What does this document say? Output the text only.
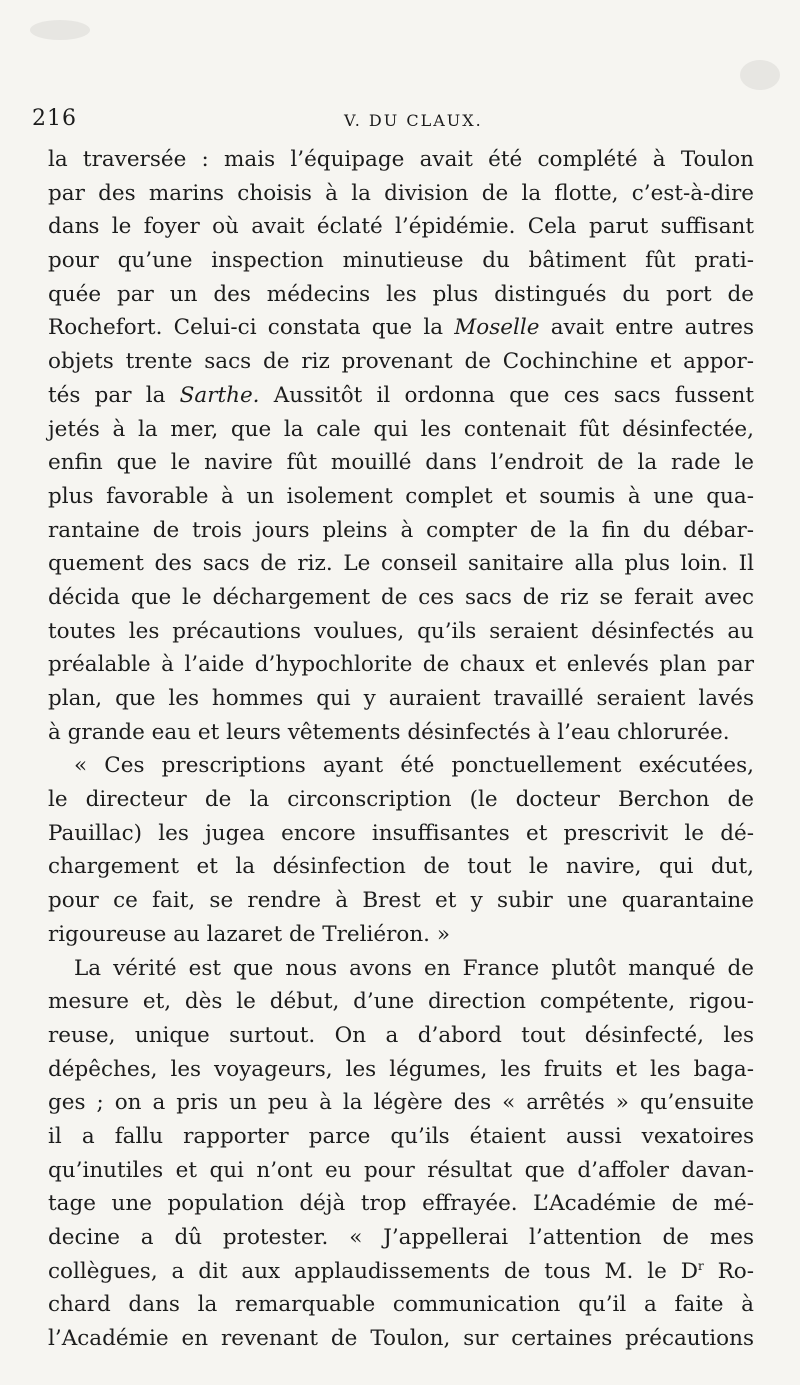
216	V. DU CLAUX.
la traversée : mais l’équipage avait été complété à Toulon
par des marins choisis à la division de la flotte, c’est-à-dire
dans le foyer où avait éclaté l’épidémie. Cela parut suffisant
pour qu’une inspection minutieuse du bâtiment fût prati-
quée par un des médecins les plus distingués du port de
Rochefort. Celui-ci constata que la Moselle avait entre autres
objets trente sacs de riz provenant de Cochinchine et appor-
tés par la Sarthe. Aussitôt il ordonna que ces sacs fussent
jetés à la mer, que la cale qui les contenait fût désinfectée,
enfin que le navire fût mouillé dans l’endroit de la rade le
plus favorable à un isolement complet et soumis à une qua-
rantaine de trois jours pleins à compter de la fin du débar-
quement des sacs de riz. Le conseil sanitaire alla plus loin. Il
décida que le déchargement de ces sacs de riz se ferait avec
toutes les précautions voulues, qu’ils seraient désinfectés au
préalable à l’aide d’hypochlorite de chaux et enlevés plan par
plan, que les hommes qui y auraient travaillé seraient lavés
à grande eau et leurs vêtements désinfectés à l’eau chlorurée.
« Ces prescriptions ayant été ponctuellement exécutées,
le directeur de la circonscription (le docteur Berchon de
Pauillac) les jugea encore insuffisantes et prescrivit le dé-
chargement et la désinfection de tout le navire, qui dut,
pour ce fait, se rendre à Brest et y subir une quarantaine
rigoureuse au lazaret de Treliéron. »
La vérité est que nous avons en France plutôt manqué de
mesure et, dès le début, d’une direction compétente, rigou-
reuse, unique surtout. On a d’abord tout désinfecté, les
dépêches, les voyageurs, les légumes, les fruits et les baga-
ges ; on a pris un peu à la légère des « arrêtés » qu’ensuite
il a fallu rapporter parce qu’ils étaient aussi vexatoires
qu’inutiles et qui n’ont eu pour résultat que d’affoler davan-
tage une population déjà trop effrayée. L’Académie de mé-
decine a dû protester. « J’appellerai l’attention de mes
collègues, a dit aux applaudissements de tous M. le $D^r$ Ro-
chard dans la remarquable communication qu’il a faite à
l’Académie en revenant de Toulon, sur certaines précautions
